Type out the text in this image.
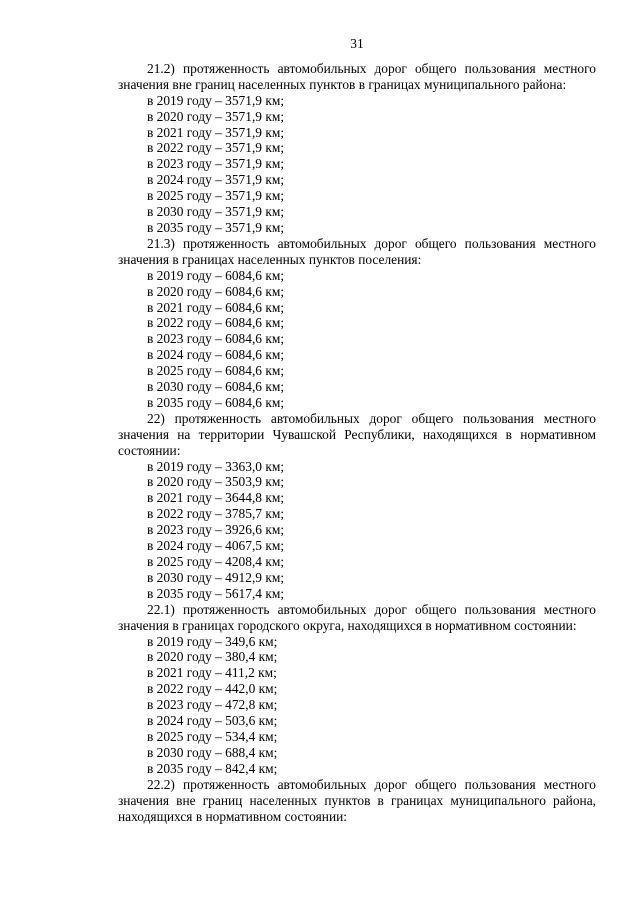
31

21.2) протяженность автомобильных дорог общего пользования местного значения вне границ населенных пунктов в границах муниципального района:

в 2019 году – 3571,9 км;
в 2020 году – 3571,9 км;
в 2021 году – 3571,9 км;
в 2022 году – 3571,9 км;
в 2023 году – 3571,9 км;
в 2024 году – 3571,9 км;
в 2025 году – 3571,9 км;
в 2030 году – 3571,9 км;
в 2035 году – 3571,9 км;

21.3) протяженность автомобильных дорог общего пользования местного значения в границах населенных пунктов поселения:

в 2019 году – 6084,6 км;
в 2020 году – 6084,6 км;
в 2021 году – 6084,6 км;
в 2022 году – 6084,6 км;
в 2023 году – 6084,6 км;
в 2024 году – 6084,6 км;
в 2025 году – 6084,6 км;
в 2030 году – 6084,6 км;
в 2035 году – 6084,6 км;

22) протяженность автомобильных дорог общего пользования местного значения на территории Чувашской Республики, находящихся в нормативном состоянии:

в 2019 году – 3363,0 км;
в 2020 году – 3503,9 км;
в 2021 году – 3644,8 км;
в 2022 году – 3785,7 км;
в 2023 году – 3926,6 км;
в 2024 году – 4067,5 км;
в 2025 году – 4208,4 км;
в 2030 году – 4912,9 км;
в 2035 году – 5617,4 км;

22.1) протяженность автомобильных дорог общего пользования местного значения в границах городского округа, находящихся в нормативном состоянии:

в 2019 году – 349,6 км;
в 2020 году – 380,4 км;
в 2021 году – 411,2 км;
в 2022 году – 442,0 км;
в 2023 году – 472,8 км;
в 2024 году – 503,6 км;
в 2025 году – 534,4 км;
в 2030 году – 688,4 км;
в 2035 году – 842,4 км;

22.2) протяженность автомобильных дорог общего пользования местного значения вне границ населенных пунктов в границах муниципального района, находящихся в нормативном состоянии:
